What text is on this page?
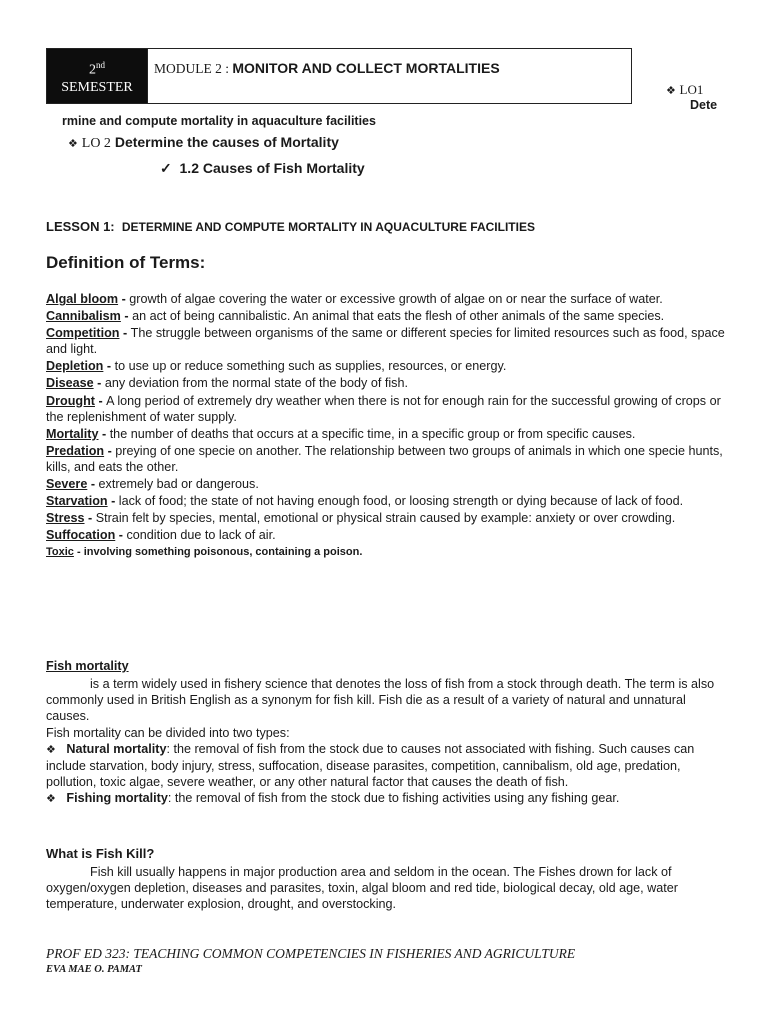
2nd
SEMESTER
MODULE 2 : MONITOR AND COLLECT MORTALITIES
❖ LO1
Dete
rmine and compute mortality in aquaculture facilities
❖ LO 2 Determine the causes of Mortality
✓ 1.2 Causes of Fish Mortality
LESSON 1: DETERMINE AND COMPUTE MORTALITY IN AQUACULTURE FACILITIES
Definition of Terms:
Algal bloom - growth of algae covering the water or excessive growth of algae on or near the surface of water.
Cannibalism - an act of being cannibalistic. An animal that eats the flesh of other animals of the same species.
Competition - The struggle between organisms of the same or different species for limited resources such as food, space and light.
Depletion - to use up or reduce something such as supplies, resources, or energy.
Disease - any deviation from the normal state of the body of fish.
Drought - A long period of extremely dry weather when there is not for enough rain for the successful growing of crops or the replenishment of water supply.
Mortality - the number of deaths that occurs at a specific time, in a specific group or from specific causes.
Predation - preying of one specie on another. The relationship between two groups of animals in which one specie hunts, kills, and eats the other.
Severe - extremely bad or dangerous.
Starvation - lack of food; the state of not having enough food, or loosing strength or dying because of lack of food.
Stress - Strain felt by species, mental, emotional or physical strain caused by example: anxiety or over crowding.
Suffocation - condition due to lack of air.
Toxic - involving something poisonous, containing a poison.
Fish mortality

is a term widely used in fishery science that denotes the loss of fish from a stock through death. The term is also commonly used in British English as a synonym for fish kill. Fish die as a result of a variety of natural and unnatural causes.

Fish mortality can be divided into two types:

❖ Natural mortality: the removal of fish from the stock due to causes not associated with fishing. Such causes can include starvation, body injury, stress, suffocation, disease parasites, competition, cannibalism, old age, predation, pollution, toxic algae, severe weather, or any other natural factor that causes the death of fish.

❖ Fishing mortality: the removal of fish from the stock due to fishing activities using any fishing gear.

What is Fish Kill?

Fish kill usually happens in major production area and seldom in the ocean. The Fishes drown for lack of oxygen/oxygen depletion, diseases and parasites, toxin, algal bloom and red tide, biological decay, old age, water temperature, underwater explosion, drought, and overstocking.

PROF ED 323: TEACHING COMMON COMPETENCIES IN FISHERIES AND AGRICULTURE
EVA MAE O. PAMAT
